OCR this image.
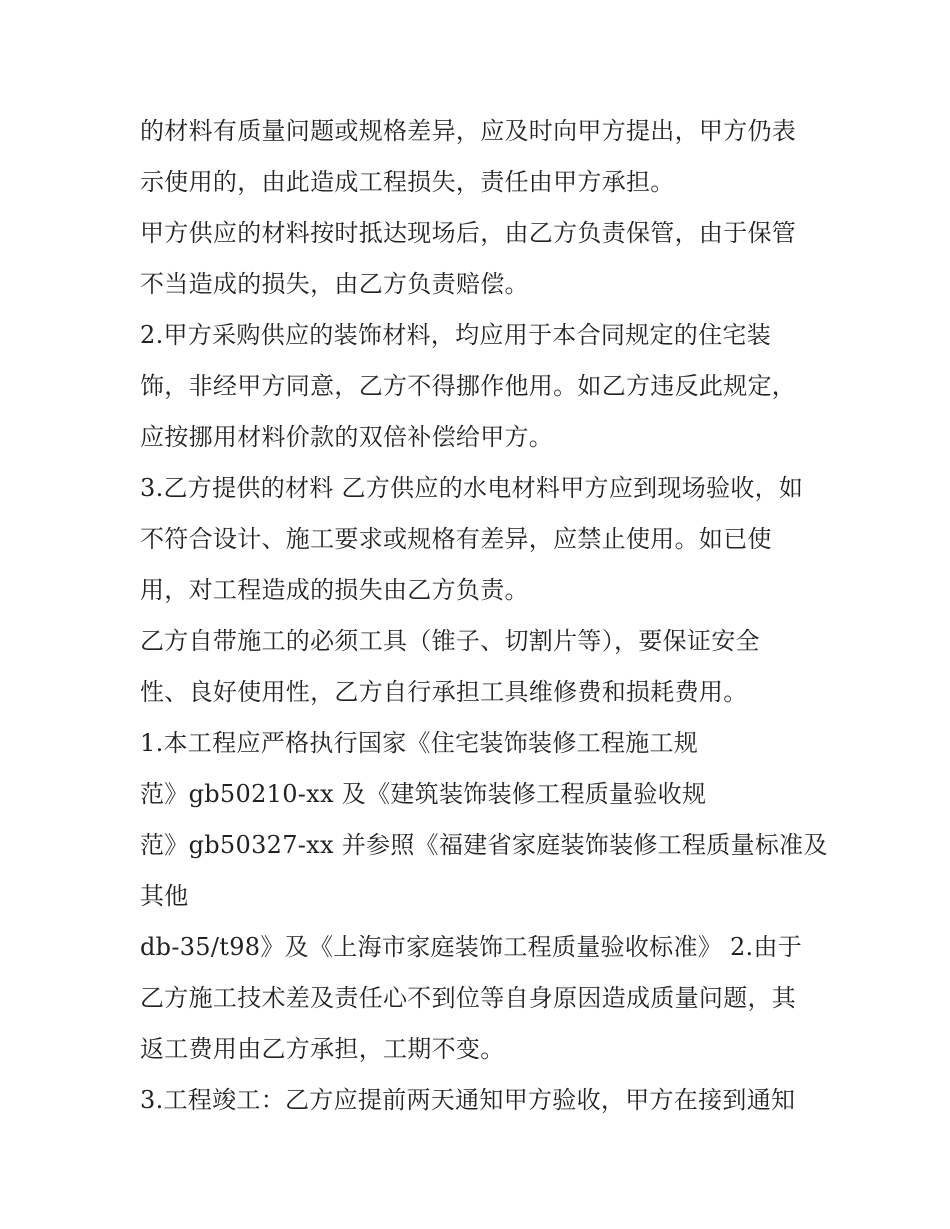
的材料有质量问题或规格差异，应及时向甲方提出，甲方仍表
示使用的，由此造成工程损失，责任由甲方承担。
甲方供应的材料按时抵达现场后，由乙方负责保管，由于保管
不当造成的损失，由乙方负责赔偿。
2.甲方采购供应的装饰材料，均应用于本合同规定的住宅装
饰，非经甲方同意，乙方不得挪作他用。如乙方违反此规定，
应按挪用材料价款的双倍补偿给甲方。
3.乙方提供的材料 乙方供应的水电材料甲方应到现场验收，如
不符合设计、施工要求或规格有差异，应禁止使用。如已使
用，对工程造成的损失由乙方负责。
乙方自带施工的必须工具（锥子、切割片等），要保证安全
性、良好使用性，乙方自行承担工具维修费和损耗费用。
1.本工程应严格执行国家《住宅装饰装修工程施工规
范》gb50210-xx 及《建筑装饰装修工程质量验收规
范》gb50327-xx 并参照《福建省家庭装饰装修工程质量标准及
其他
db-35/t98》及《上海市家庭装饰工程质量验收标准》 2.由于
乙方施工技术差及责任心不到位等自身原因造成质量问题，其
返工费用由乙方承担，工期不变。
3.工程竣工：乙方应提前两天通知甲方验收，甲方在接到通知
